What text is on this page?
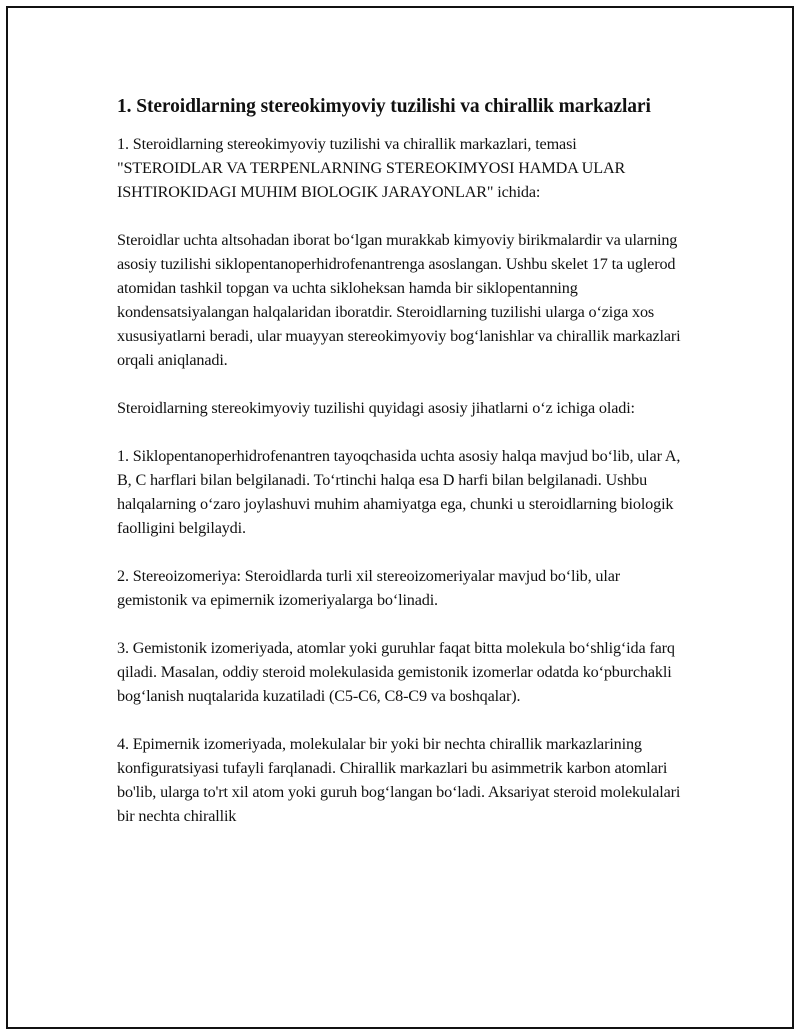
1. Steroidlarning stereokimyoviy tuzilishi va chirallik markazlari

1. Steroidlarning stereokimyoviy tuzilishi va chirallik markazlari, temasi "STEROIDLAR VA TERPENLARNING STEREOKIMYOSI HAMDA ULAR ISHTIROKIDAGI MUHIM BIOLOGIK JARAYONLAR" ichida:

Steroidlar uchta altsohadan iborat bo‘lgan murakkab kimyoviy birikmalardir va ularning asosiy tuzilishi siklopentanoperhidrofenantrenga asoslangan. Ushbu skelet 17 ta uglerod atomidan tashkil topgan va uchta sikloheksan hamda bir siklopentanning kondensatsiyalangan halqalaridan iboratdir. Steroidlarning tuzilishi ularga o‘ziga xos xususiyatlarni beradi, ular muayyan stereokimyoviy bog‘lanishlar va chirallik markazlari orqali aniqlanadi.

Steroidlarning stereokimyoviy tuzilishi quyidagi asosiy jihatlarni o‘z ichiga oladi:

1. Siklopentanoperhidrofenantren tayoqchasida uchta asosiy halqa mavjud bo‘lib, ular A, B, C harflari bilan belgilanadi. To‘rtinchi halqa esa D harfi bilan belgilanadi. Ushbu halqalarning o‘zaro joylashuvi muhim ahamiyatga ega, chunki u steroidlarning biologik faolligini belgilaydi.

2. Stereoizomeriya: Steroidlarda turli xil stereoizomeriyalar mavjud bo‘lib, ular gemistonik va epimernik izomeriyalarga bo‘linadi.

3. Gemistonik izomeriyada, atomlar yoki guruhlar faqat bitta molekula bo‘shlig‘ida farq qiladi. Masalan, oddiy steroid molekulasida gemistonik izomerlar odatda ko‘pburchakli bog‘lanish nuqtalarida kuzatiladi (C5-C6, C8-C9 va boshqalar).

4. Epimernik izomeriyada, molekulalar bir yoki bir nechta chirallik markazlarining konfiguratsiyasi tufayli farqlanadi. Chirallik markazlari bu asimmetrik karbon atomlari bo'lib, ularga to'rt xil atom yoki guruh bog‘langan bo‘ladi. Aksariyat steroid molekulalari bir nechta chirallik
